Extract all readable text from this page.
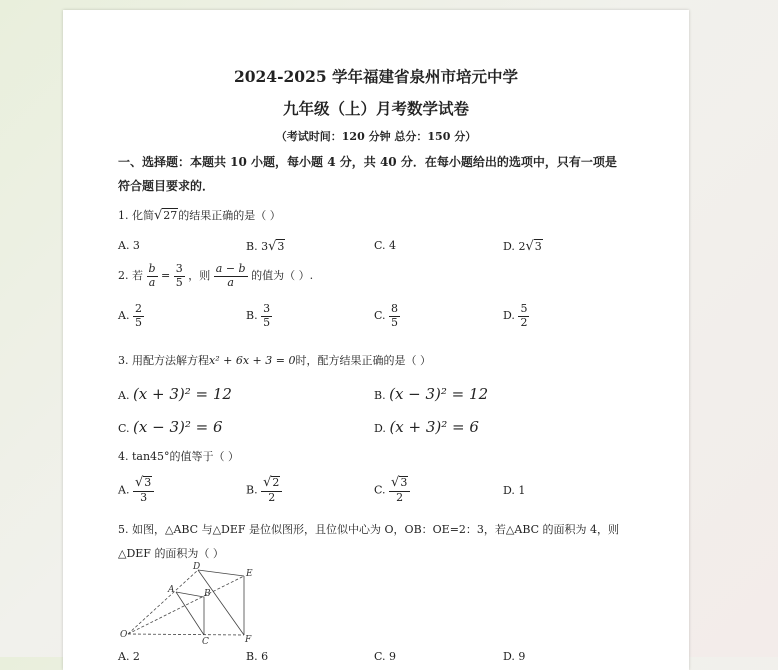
2024-2025 学年福建省泉州市培元中学
九年级（上）月考数学试卷
（考试时间：120 分钟 总分：150 分）
一、选择题：本题共 10 小题，每小题 4 分，共 40 分．在每小题给出的选项中，只有一项是
符合题目要求的．
1. 化简√27的结果正确的是（ ）
A. 3	B. 3√3	C. 4	D. 2√3
2. 若 $\frac{b}{a} = \frac{3}{5}$ ，则 $\frac{a - b}{a}$ 的值为（ ）.
A. $\frac{2}{5}$	B. $\frac{3}{5}$	C. $\frac{8}{5}$	D. $\frac{5}{2}$
3. 用配方法解方程x² + 6x + 3 = 0时，配方结果正确的是（ ）
A. (x + 3)² = 12	B. (x − 3)² = 12
C. (x − 3)² = 6	D. (x + 3)² = 6
4. tan45°的值等于（ ）
A. $\frac{√3}{3}$	B. $\frac{√2}{2}$	C. $\frac{√3}{2}$	D. 1
5. 如图，△ABC 与△DEF 是位似图形，且位似中心为 O，OB：OE=2：3，若△ABC 的面积为 4，则
△DEF 的面积为（ ）
O
A	B
C
D
E
F
A. 2	B. 6	C. 9	D. 9
